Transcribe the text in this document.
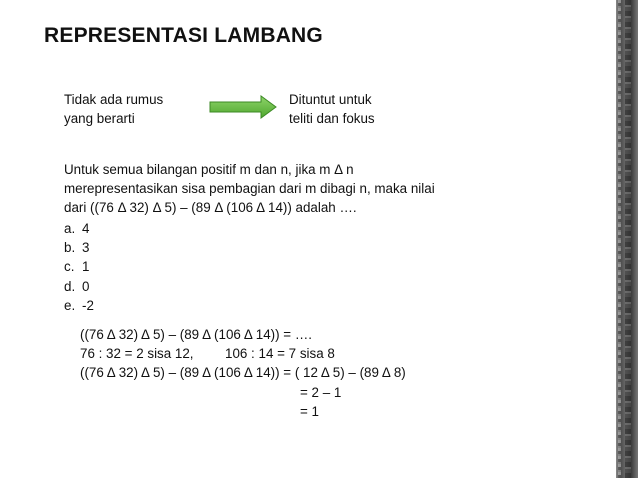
REPRESENTASI LAMBANG
Tidak ada rumus
yang berarti
Dituntut untuk
teliti dan fokus
Untuk semua bilangan positif m dan n, jika m Δ n
merepresentasikan sisa pembagian dari m dibagi n, maka nilai
dari ((76 Δ 32) Δ 5) – (89 Δ (106 Δ 14)) adalah ….
a. 4
b. 3
c. 1
d. 0
e. -2
((76 Δ 32) Δ 5) – (89 Δ (106 Δ 14)) = ….
76 : 32 = 2 sisa 12, 106 : 14 = 7 sisa 8
((76 Δ 32) Δ 5) – (89 Δ (106 Δ 14)) = ( 12 Δ 5) – (89 Δ 8)
= 2 – 1
= 1
